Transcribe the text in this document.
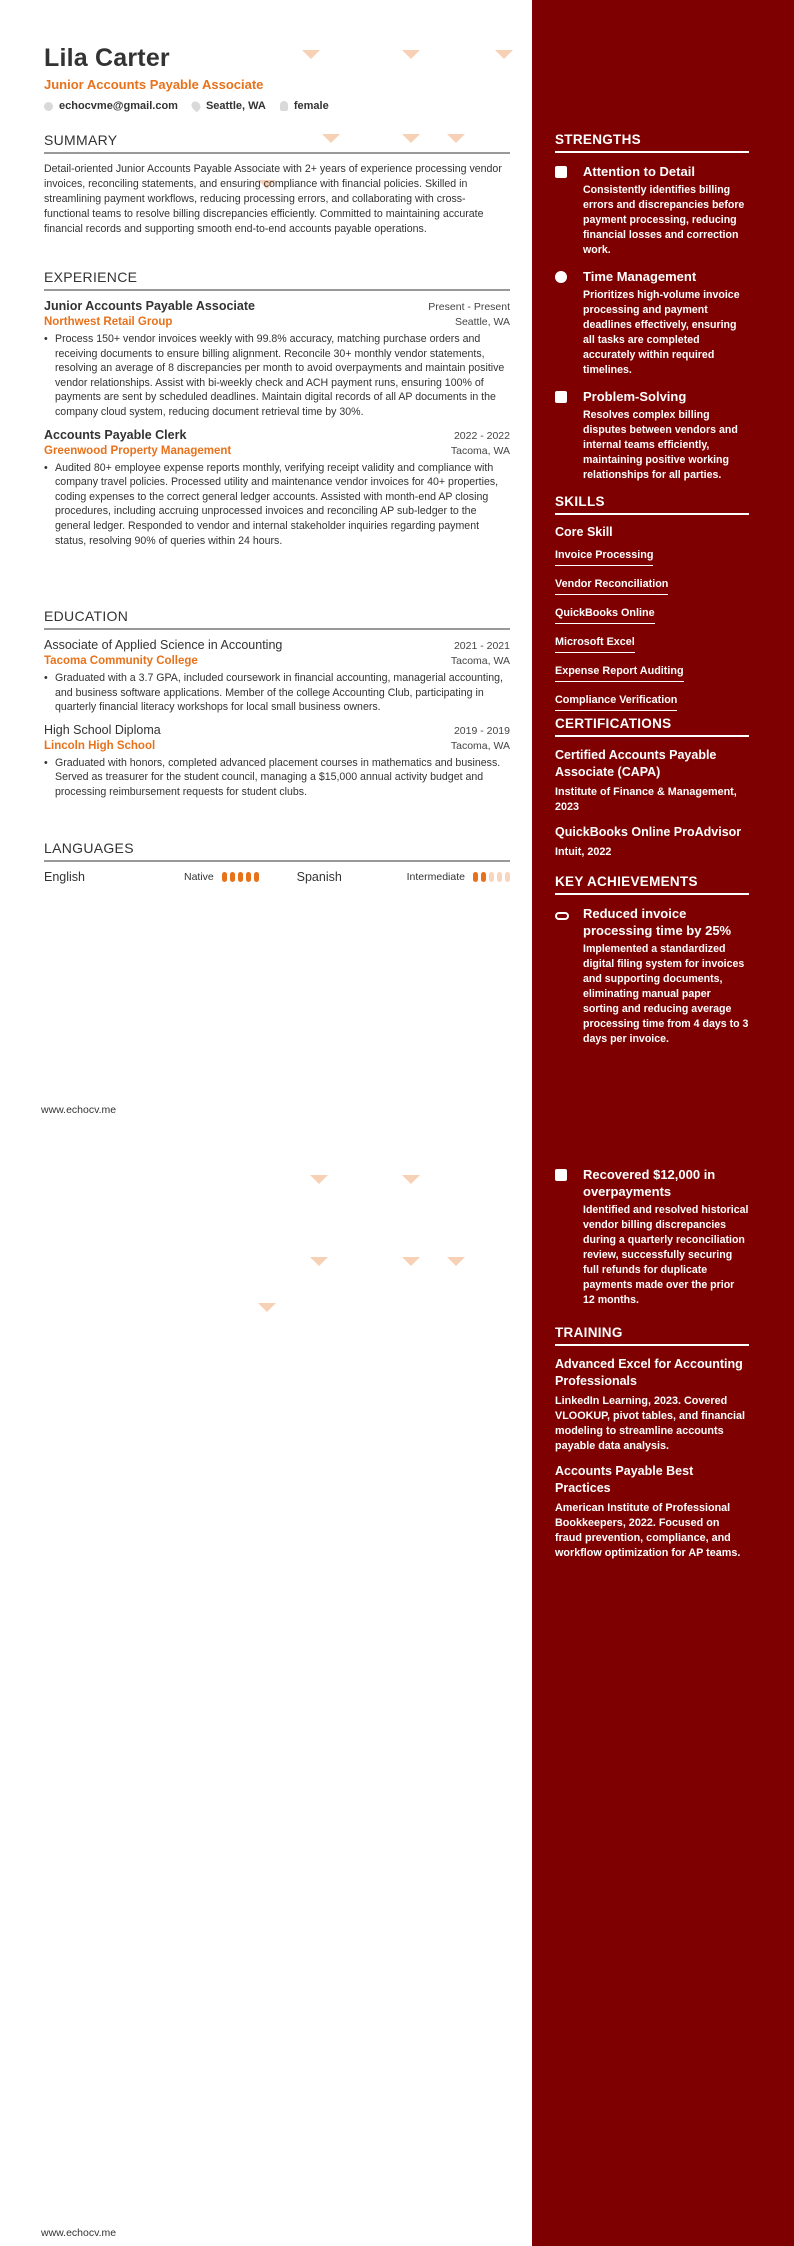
Lila Carter
Junior Accounts Payable Associate
echocvme@gmail.com	Seattle, WA	female
SUMMARY
Detail-oriented Junior Accounts Payable Associate with 2+ years of experience processing vendor invoices, reconciling statements, and ensuring compliance with financial policies. Skilled in streamlining payment workflows, reducing processing errors, and collaborating with cross-functional teams to resolve billing discrepancies efficiently. Committed to maintaining accurate financial records and supporting smooth end-to-end accounts payable operations.
EXPERIENCE
Junior Accounts Payable Associate	Present - Present
Northwest Retail Group	Seattle, WA
• Process 150+ vendor invoices weekly with 99.8% accuracy, matching purchase orders and receiving documents to ensure billing alignment. Reconcile 30+ monthly vendor statements, resolving an average of 8 discrepancies per month to avoid overpayments and maintain positive vendor relationships. Assist with bi-weekly check and ACH payment runs, ensuring 100% of payments are sent by scheduled deadlines. Maintain digital records of all AP documents in the company cloud system, reducing document retrieval time by 30%.
Accounts Payable Clerk	2022 - 2022
Greenwood Property Management	Tacoma, WA
• Audited 80+ employee expense reports monthly, verifying receipt validity and compliance with company travel policies. Processed utility and maintenance vendor invoices for 40+ properties, coding expenses to the correct general ledger accounts. Assisted with month-end AP closing procedures, including accruing unprocessed invoices and reconciling AP sub-ledger to the general ledger. Responded to vendor and internal stakeholder inquiries regarding payment status, resolving 90% of queries within 24 hours.
EDUCATION
Associate of Applied Science in Accounting	2021 - 2021
Tacoma Community College	Tacoma, WA
• Graduated with a 3.7 GPA, included coursework in financial accounting, managerial accounting, and business software applications. Member of the college Accounting Club, participating in quarterly financial literacy workshops for local small business owners.
High School Diploma	2019 - 2019
Lincoln High School	Tacoma, WA
• Graduated with honors, completed advanced placement courses in mathematics and business. Served as treasurer for the student council, managing a $15,000 annual activity budget and processing reimbursement requests for student clubs.
LANGUAGES
English	Native	Spanish	Intermediate
STRENGTHS
Attention to Detail
Consistently identifies billing errors and discrepancies before payment processing, reducing financial losses and correction work.
Time Management
Prioritizes high-volume invoice processing and payment deadlines effectively, ensuring all tasks are completed accurately within required timelines.
Problem-Solving
Resolves complex billing disputes between vendors and internal teams efficiently, maintaining positive working relationships for all parties.
SKILLS
Core Skill
Invoice Processing
Vendor Reconciliation
QuickBooks Online
Microsoft Excel
Expense Report Auditing
Compliance Verification
CERTIFICATIONS
Certified Accounts Payable Associate (CAPA)
Institute of Finance & Management, 2023
QuickBooks Online ProAdvisor
Intuit, 2022
KEY ACHIEVEMENTS
Reduced invoice processing time by 25%
Implemented a standardized digital filing system for invoices and supporting documents, eliminating manual paper sorting and reducing average processing time from 4 days to 3 days per invoice.
www.echocv.me
Recovered $12,000 in overpayments
Identified and resolved historical vendor billing discrepancies during a quarterly reconciliation review, successfully securing full refunds for duplicate payments made over the prior 12 months.
TRAINING
Advanced Excel for Accounting Professionals
LinkedIn Learning, 2023. Covered VLOOKUP, pivot tables, and financial modeling to streamline accounts payable data analysis.
Accounts Payable Best Practices
American Institute of Professional Bookkeepers, 2022. Focused on fraud prevention, compliance, and workflow optimization for AP teams.
www.echocv.me
